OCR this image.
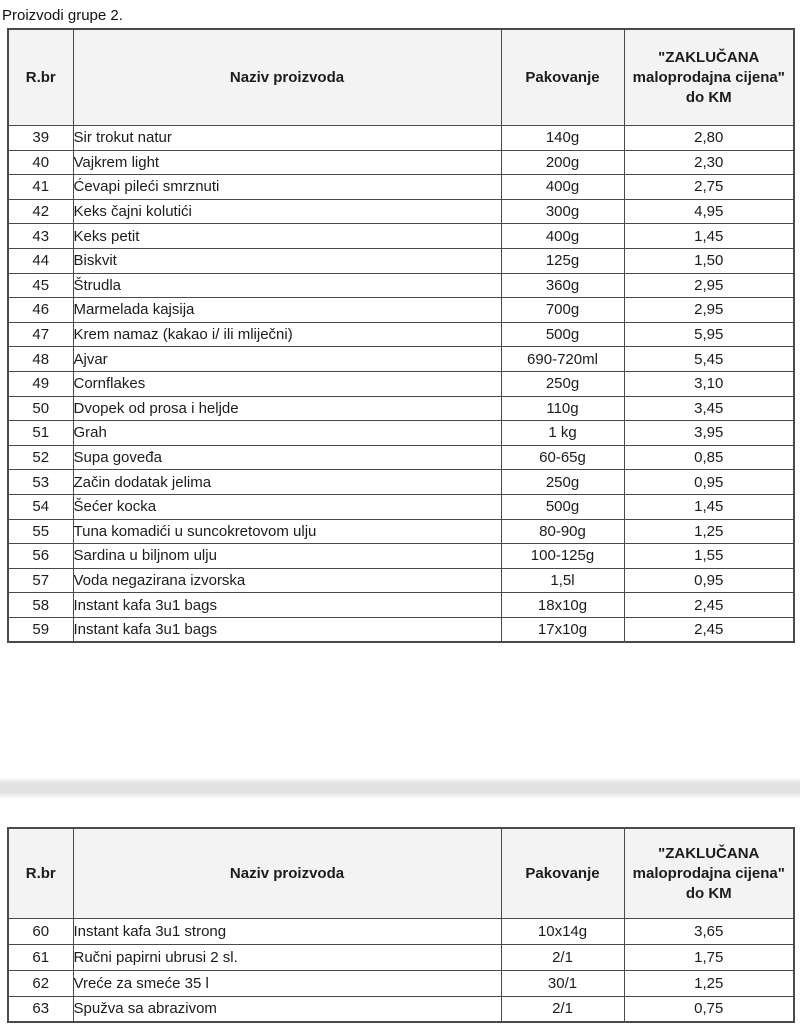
Proizvodi grupe 2.
R.br	Naziv proizvoda	Pakovanje	"ZAKLUČANA maloprodajna cijena" do KM
39	Sir trokut natur	140g	2,80
40	Vajkrem light	200g	2,30
41	Ćevapi pileći smrznuti	400g	2,75
42	Keks čajni kolutići	300g	4,95
43	Keks petit	400g	1,45
44	Biskvit	125g	1,50
45	Štrudla	360g	2,95
46	Marmelada kajsija	700g	2,95
47	Krem namaz (kakao i/ ili mliječni)	500g	5,95
48	Ajvar	690-720ml	5,45
49	Cornflakes	250g	3,10
50	Dvopek od prosa i heljde	110g	3,45
51	Grah	1 kg	3,95
52	Supa goveđa	60-65g	0,85
53	Začin dodatak jelima	250g	0,95
54	Šećer kocka	500g	1,45
55	Tuna komadići u suncokretovom ulju	80-90g	1,25
56	Sardina u biljnom ulju	100-125g	1,55
57	Voda negazirana izvorska	1,5l	0,95
58	Instant kafa 3u1 bags	18x10g	2,45
59	Instant kafa 3u1 bags	17x10g	2,45
R.br	Naziv proizvoda	Pakovanje	"ZAKLUČANA maloprodajna cijena" do KM
60	Instant kafa 3u1 strong	10x14g	3,65
61	Ručni papirni ubrusi 2 sl.	2/1	1,75
62	Vreće za smeće 35 l	30/1	1,25
63	Spužva sa abrazivom	2/1	0,75
